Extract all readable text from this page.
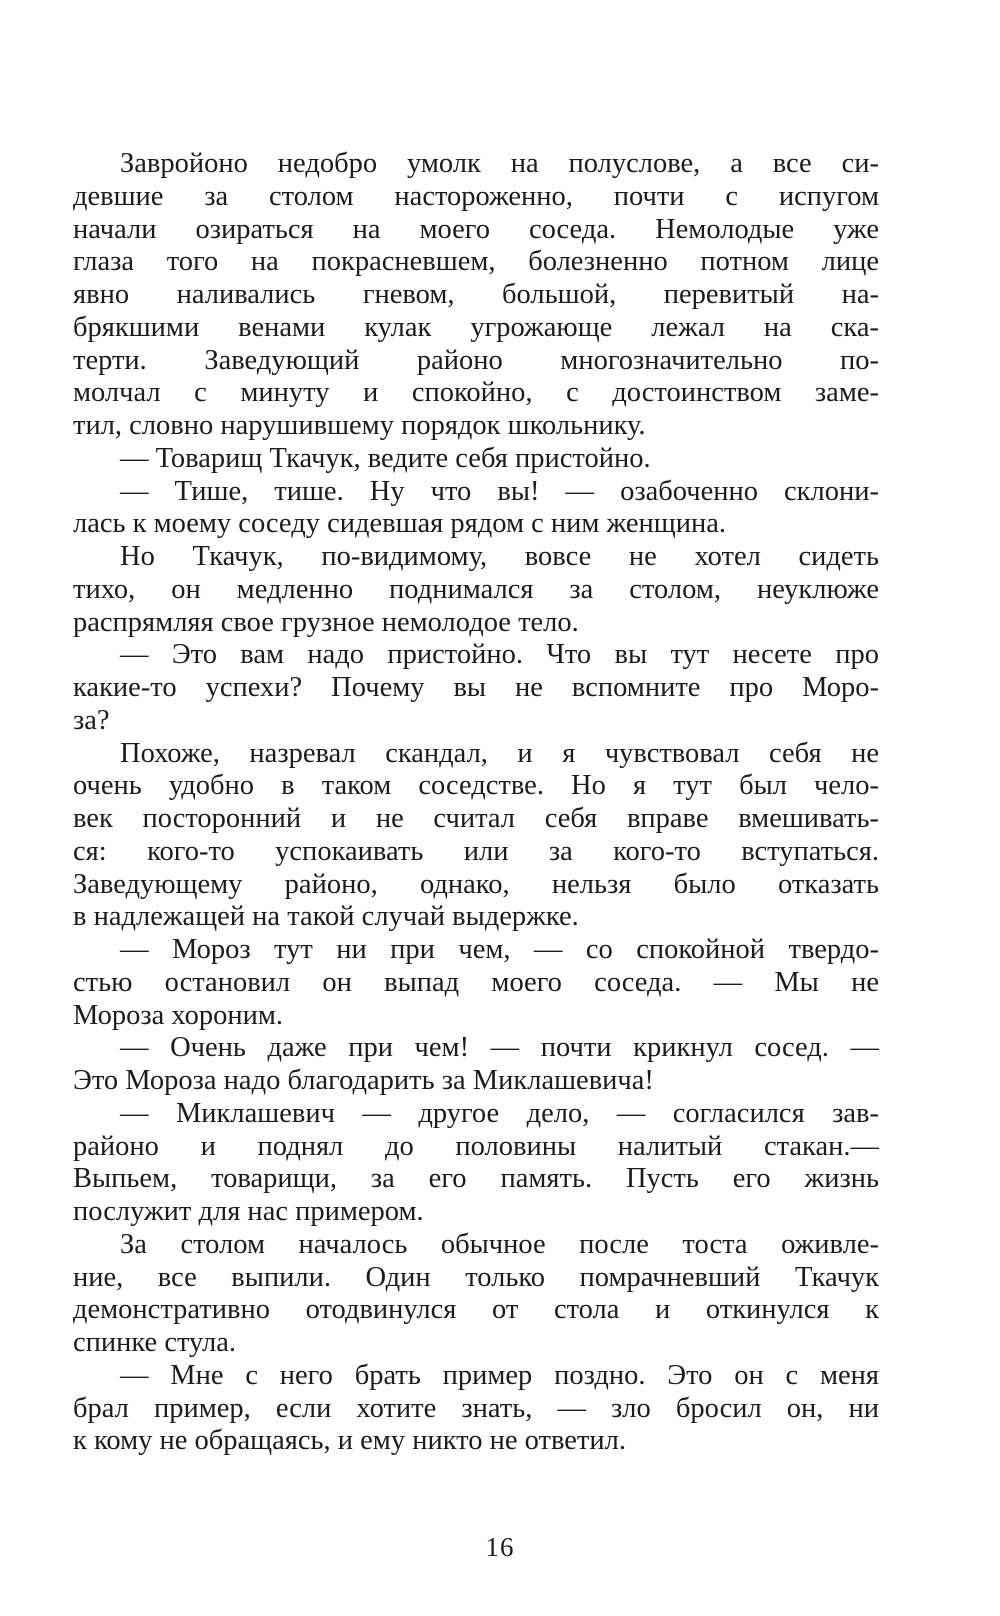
Завройоно недобро умолк на полуслове, а все си-
девшие за столом настороженно, почти с испугом
начали озираться на моего соседа. Немолодые уже
глаза того на покрасневшем, болезненно потном лице
явно наливались гневом, большой, перевитый на-
брякшими венами кулак угрожающе лежал на ска-
терти. Заведующий районо многозначительно по-
молчал с минуту и спокойно, с достоинством заме-
тил, словно нарушившему порядок школьнику.
— Товарищ Ткачук, ведите себя пристойно.
— Тише, тише. Ну что вы! — озабоченно склони-
лась к моему соседу сидевшая рядом с ним женщина.
Но Ткачук, по-видимому, вовсе не хотел сидеть
тихо, он медленно поднимался за столом, неуклюже
распрямляя свое грузное немолодое тело.
— Это вам надо пристойно. Что вы тут несете про
какие-то успехи? Почему вы не вспомните про Моро-
за?
Похоже, назревал скандал, и я чувствовал себя не
очень удобно в таком соседстве. Но я тут был чело-
век посторонний и не считал себя вправе вмешивать-
ся: кого-то успокаивать или за кого-то вступаться.
Заведующему районо, однако, нельзя было отказать
в надлежащей на такой случай выдержке.
— Мороз тут ни при чем, — со спокойной твердо-
стью остановил он выпад моего соседа. — Мы не
Мороза хороним.
— Очень даже при чем! — почти крикнул сосед. —
Это Мороза надо благодарить за Миклашевича!
— Миклашевич — другое дело, — согласился зав-
районо и поднял до половины налитый стакан.—
Выпьем, товарищи, за его память. Пусть его жизнь
послужит для нас примером.
За столом началось обычное после тоста оживле-
ние, все выпили. Один только помрачневший Ткачук
демонстративно отодвинулся от стола и откинулся к
спинке стула.
— Мне с него брать пример поздно. Это он с меня
брал пример, если хотите знать, — зло бросил он, ни
к кому не обращаясь, и ему никто не ответил.
16
